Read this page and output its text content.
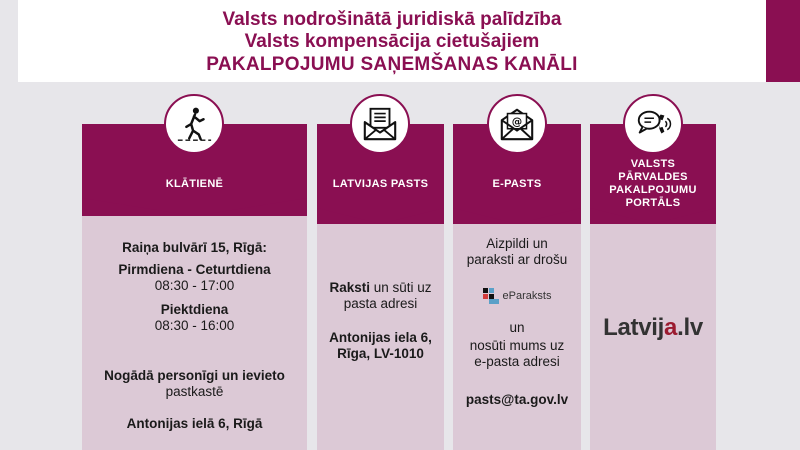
Valsts nodrošinātā juridiskā palīdzība
Valsts kompensācija cietušajiem
PAKALPOJUMU SAŅEMŠANAS KANĀLI
KLĀTIENĒ
Raiņa bulvārī 15, Rīgā:
Pirmdiena - Ceturtdiena
08:30 - 17:00
Piektdiena
08:30 - 16:00
Nogādā personīgi un ievieto
pastkastē
Antonijas ielā 6, Rīgā
LATVIJAS PASTS
Raksti un sūti uz
pasta adresi
Antonijas iela 6,
Rīga, LV-1010
E-PASTS
@
Aizpildi un
paraksti ar drošu
eParaksts
un
nosūti mums uz
e-pasta adresi
pasts@ta.gov.lv
VALSTS
PĀRVALDES
PAKALPOJUMU
PORTĀLS
Latvija.lv
